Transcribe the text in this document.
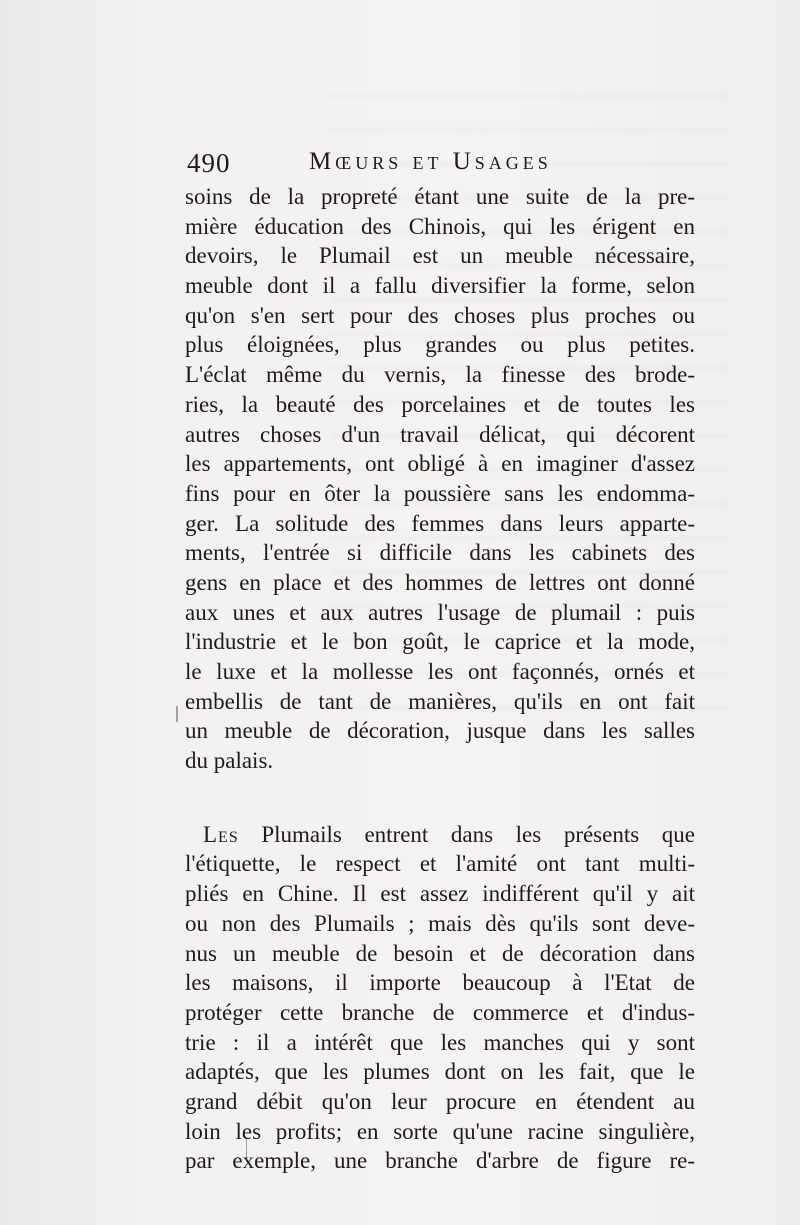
490	Mœurs et Usages
soins de la propreté étant une suite de la pre-
mière éducation des Chinois, qui les érigent en
devoirs, le Plumail est un meuble nécessaire,
meuble dont il a fallu diversifier la forme, selon
qu'on s'en sert pour des choses plus proches ou
plus éloignées, plus grandes ou plus petites.
L'éclat même du vernis, la finesse des brode-
ries, la beauté des porcelaines et de toutes les
autres choses d'un travail délicat, qui décorent
les appartements, ont obligé à en imaginer d'assez
fins pour en ôter la poussière sans les endomma-
ger. La solitude des femmes dans leurs apparte-
ments, l'entrée si difficile dans les cabinets des
gens en place et des hommes de lettres ont donné
aux unes et aux autres l'usage de plumail : puis
l'industrie et le bon goût, le caprice et la mode,
le luxe et la mollesse les ont façonnés, ornés et
embellis de tant de manières, qu'ils en ont fait
un meuble de décoration, jusque dans les salles
du palais.
Les Plumails entrent dans les présents que
l'étiquette, le respect et l'amité ont tant multi-
pliés en Chine. Il est assez indifférent qu'il y ait
ou non des Plumails ; mais dès qu'ils sont deve-
nus un meuble de besoin et de décoration dans
les maisons, il importe beaucoup à l'Etat de
protéger cette branche de commerce et d'indus-
trie : il a intérêt que les manches qui y sont
adaptés, que les plumes dont on les fait, que le
grand débit qu'on leur procure en étendent au
loin les profits; en sorte qu'une racine singulière,
par exemple, une branche d'arbre de figure re-
